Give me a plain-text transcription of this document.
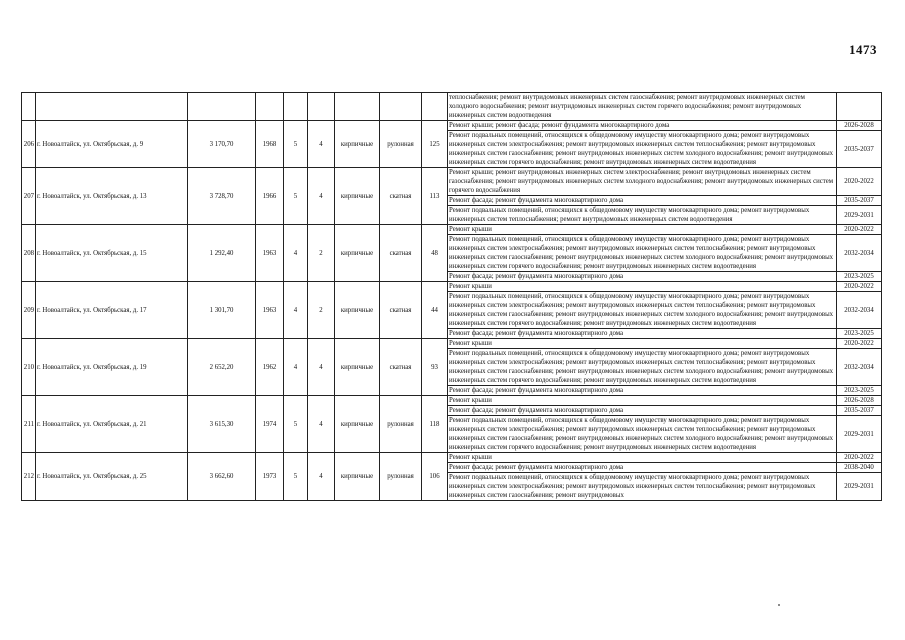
1473
									теплоснабжения; ремонт внутридомовых инженерных систем газоснабжения; ремонт внутридомовых инженерных систем холодного водоснабжения; ремонт внутридомовых инженерных систем горячего водоснабжения; ремонт внутридомовых инженерных систем водоотведения	
206	г. Новоалтайск, ул. Октябрьская, д. 9	3 170,70	1968	5	4	кирпичные	рулонная	125	Ремонт крыши; ремонт фасада; ремонт фундамента многоквартирного дома	2026-2028
									Ремонт подвальных помещений, относящихся к общедомовому имуществу многоквартирного дома; ремонт внутридомовых инженерных систем электроснабжения; ремонт внутридомовых инженерных систем теплоснабжения; ремонт внутридомовых инженерных систем газоснабжения; ремонт внутридомовых инженерных систем холодного водоснабжения; ремонт внутридомовых инженерных систем горячего водоснабжения; ремонт внутридомовых инженерных систем водоотведения	2035-2037
207	г. Новоалтайск, ул. Октябрьская, д. 13	3 728,70	1966	5	4	кирпичные	скатная	113	Ремонт крыши; ремонт внутридомовых инженерных систем электроснабжения; ремонт внутридомовых инженерных систем газоснабжения; ремонт внутридомовых инженерных систем холодного водоснабжения; ремонт внутридомовых инженерных систем горячего водоснабжения	2020-2022
									Ремонт фасада; ремонт фундамента многоквартирного дома	2035-2037
									Ремонт подвальных помещений, относящихся к общедомовому имуществу многоквартирного дома; ремонт внутридомовых инженерных систем теплоснабжения; ремонт внутридомовых инженерных систем водоотведения	2029-2031
208	г. Новоалтайск, ул. Октябрьская, д. 15	1 292,40	1963	4	2	кирпичные	скатная	48	Ремонт крыши	2020-2022
									Ремонт подвальных помещений, относящихся к общедомовому имуществу многоквартирного дома; ремонт внутридомовых инженерных систем электроснабжения; ремонт внутридомовых инженерных систем теплоснабжения; ремонт внутридомовых инженерных систем газоснабжения; ремонт внутридомовых инженерных систем холодного водоснабжения; ремонт внутридомовых инженерных систем горячего водоснабжения; ремонт внутридомовых инженерных систем водоотведения	2032-2034
									Ремонт фасада; ремонт фундамента многоквартирного дома	2023-2025
209	г. Новоалтайск, ул. Октябрьская, д. 17	1 301,70	1963	4	2	кирпичные	скатная	44	Ремонт крыши	2020-2022
									Ремонт подвальных помещений, относящихся к общедомовому имуществу многоквартирного дома; ремонт внутридомовых инженерных систем электроснабжения; ремонт внутридомовых инженерных систем теплоснабжения; ремонт внутридомовых инженерных систем газоснабжения; ремонт внутридомовых инженерных систем холодного водоснабжения; ремонт внутридомовых инженерных систем горячего водоснабжения; ремонт внутридомовых инженерных систем водоотведения	2032-2034
									Ремонт фасада; ремонт фундамента многоквартирного дома	2023-2025
210	г. Новоалтайск, ул. Октябрьская, д. 19	2 652,20	1962	4	4	кирпичные	скатная	93	Ремонт крыши	2020-2022
									Ремонт подвальных помещений, относящихся к общедомовому имуществу многоквартирного дома; ремонт внутридомовых инженерных систем электроснабжения; ремонт внутридомовых инженерных систем теплоснабжения; ремонт внутридомовых инженерных систем газоснабжения; ремонт внутридомовых инженерных систем холодного водоснабжения; ремонт внутридомовых инженерных систем горячего водоснабжения; ремонт внутридомовых инженерных систем водоотведения	2032-2034
									Ремонт фасада; ремонт фундамента многоквартирного дома	2023-2025
211	г. Новоалтайск, ул. Октябрьская, д. 21	3 615,30	1974	5	4	кирпичные	рулонная	118	Ремонт крыши	2026-2028
									Ремонт фасада; ремонт фундамента многоквартирного дома	2035-2037
									Ремонт подвальных помещений, относящихся к общедомовому имуществу многоквартирного дома; ремонт внутридомовых инженерных систем электроснабжения; ремонт внутридомовых инженерных систем теплоснабжения; ремонт внутридомовых инженерных систем газоснабжения; ремонт внутридомовых инженерных систем холодного водоснабжения; ремонт внутридомовых инженерных систем горячего водоснабжения; ремонт внутридомовых инженерных систем водоотведения	2029-2031
212	г. Новоалтайск, ул. Октябрьская, д. 25	3 662,60	1973	5	4	кирпичные	рулонная	106	Ремонт крыши	2020-2022
									Ремонт фасада; ремонт фундамента многоквартирного дома	2038-2040
									Ремонт подвальных помещений, относящихся к общедомовому имуществу многоквартирного дома; ремонт внутридомовых инженерных систем электроснабжения; ремонт внутридомовых инженерных систем теплоснабжения; ремонт внутридомовых инженерных систем газоснабжения; ремонт внутридомовых	2029-2031
